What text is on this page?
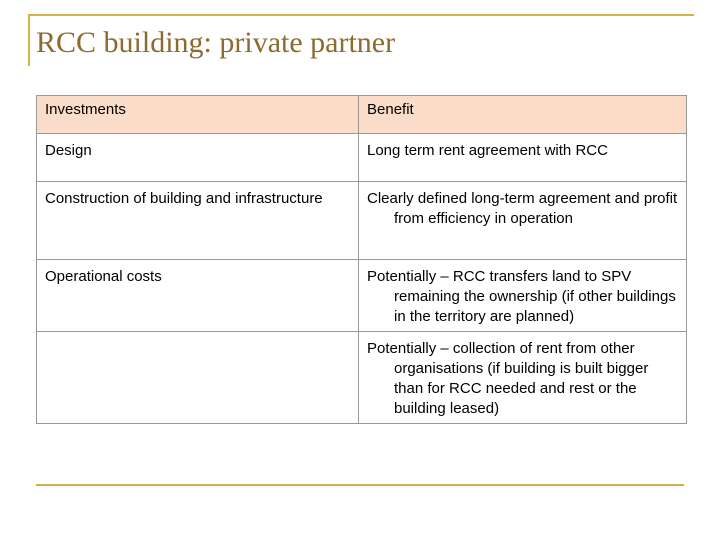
RCC building: private partner
Investments	Benefit

Design	Long term rent agreement with RCC

Construction of building and infrastructure	Clearly defined long-term agreement and profit from efficiency in operation

Operational costs	Potentially – RCC transfers land to SPV remaining the ownership (if other buildings in the territory are planned)

	Potentially – collection of rent from other organisations (if building is built bigger than for RCC needed and rest or the building leased)
